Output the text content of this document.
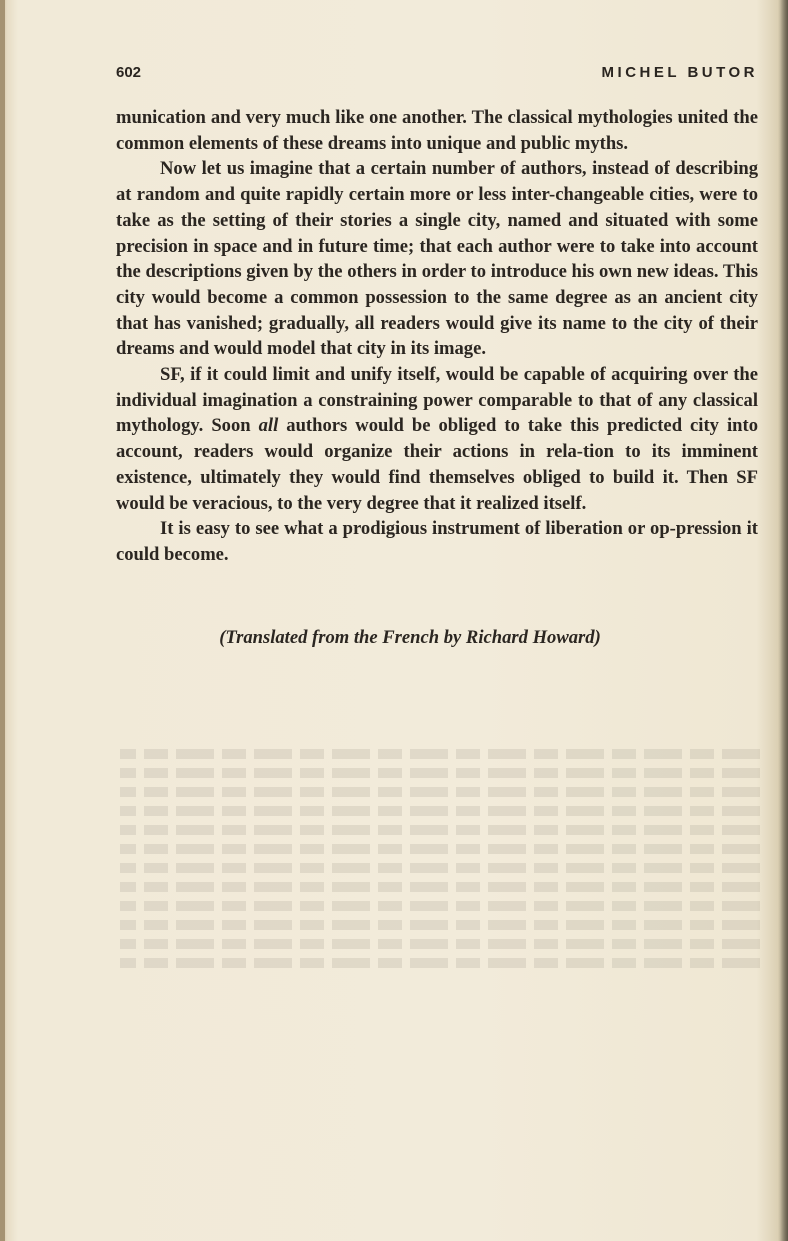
602	MICHEL BUTOR

munication and very much like one another. The classical mythologies united the common elements of these dreams into unique and public myths.

Now let us imagine that a certain number of authors, instead of describing at random and quite rapidly certain more or less inter-changeable cities, were to take as the setting of their stories a single city, named and situated with some precision in space and in future time; that each author were to take into account the descriptions given by the others in order to introduce his own new ideas. This city would become a common possession to the same degree as an ancient city that has vanished; gradually, all readers would give its name to the city of their dreams and would model that city in its image.

SF, if it could limit and unify itself, would be capable of acquiring over the individual imagination a constraining power comparable to that of any classical mythology. Soon all authors would be obliged to take this predicted city into account, readers would organize their actions in rela-tion to its imminent existence, ultimately they would find themselves obliged to build it. Then SF would be veracious, to the very degree that it realized itself.

It is easy to see what a prodigious instrument of liberation or op-pression it could become.

(Translated from the French by Richard Howard)
